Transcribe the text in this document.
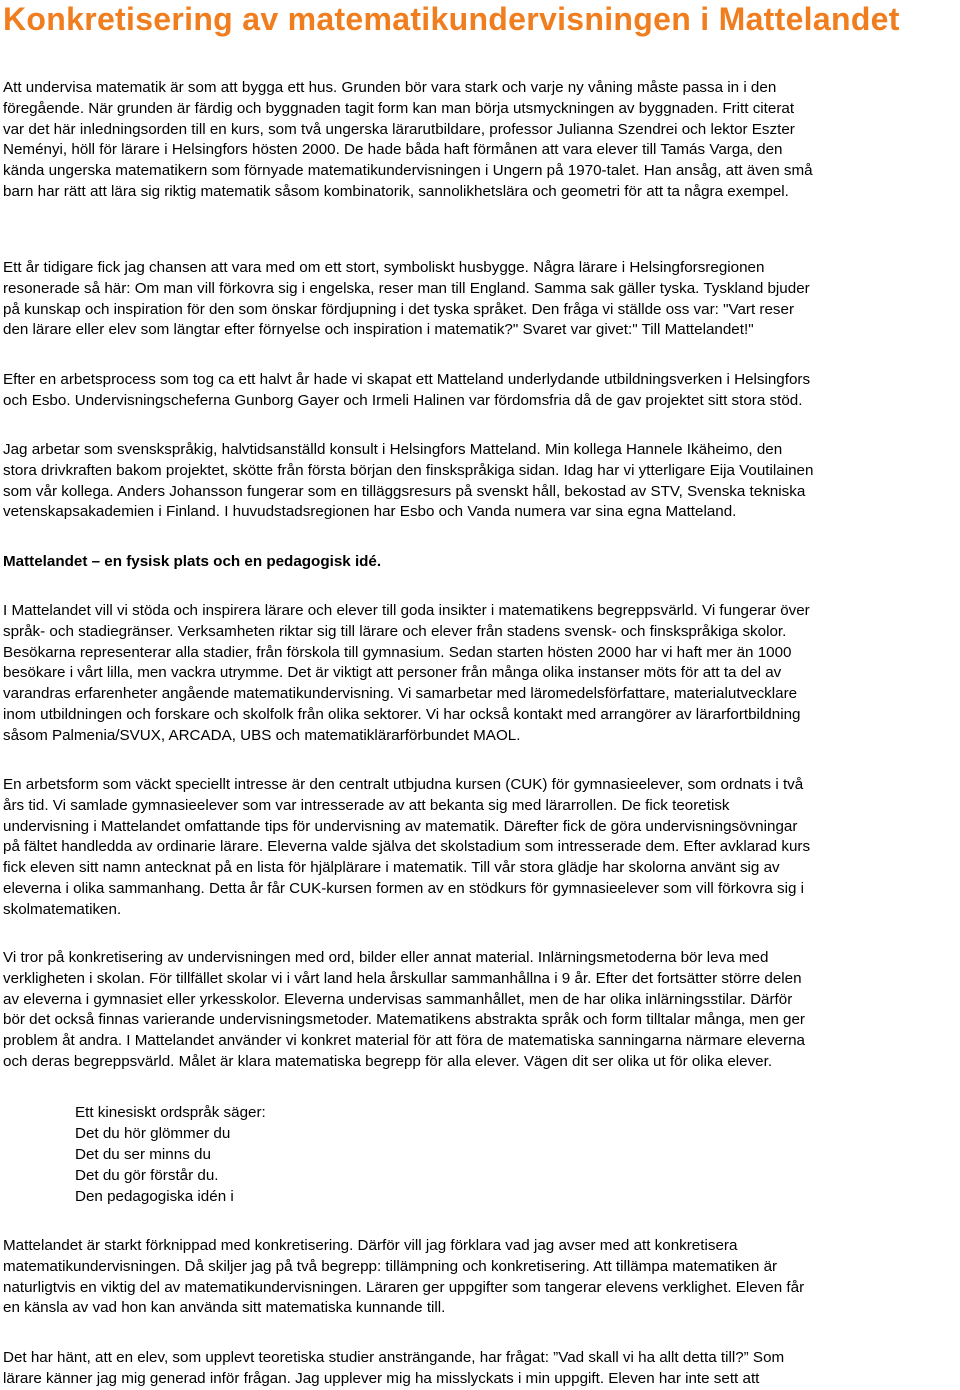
Konkretisering av matematikundervisningen i Mattelandet

Att undervisa matematik är som att bygga ett hus. Grunden bör vara stark och varje ny våning måste passa in i den
föregående. När grunden är färdig och byggnaden tagit form kan man börja utsmyckningen av byggnaden. Fritt citerat
var det här inledningsorden till en kurs, som två ungerska lärarutbildare, professor Julianna Szendrei och lektor Eszter
Neményi, höll för lärare i Helsingfors hösten 2000. De hade båda haft förmånen att vara elever till Tamás Varga, den
kända ungerska matematikern som förnyade matematikundervisningen i Ungern på 1970-talet. Han ansåg, att även små
barn har rätt att lära sig riktig matematik såsom kombinatorik, sannolikhetslära och geometri för att ta några exempel.

Ett år tidigare fick jag chansen att vara med om ett stort, symboliskt husbygge. Några lärare i Helsingforsregionen
resonerade så här: Om man vill förkovra sig i engelska, reser man till England. Samma sak gäller tyska. Tyskland bjuder
på kunskap och inspiration för den som önskar fördjupning i det tyska språket. Den fråga vi ställde oss var: "Vart reser
den lärare eller elev som längtar efter förnyelse och inspiration i matematik?" Svaret var givet:" Till Mattelandet!"

Efter en arbetsprocess som tog ca ett halvt år hade vi skapat ett Matteland underlydande utbildningsverken i Helsingfors
och Esbo. Undervisningscheferna Gunborg Gayer och Irmeli Halinen var fördomsfria då de gav projektet sitt stora stöd.

Jag arbetar som svenskspråkig, halvtidsanställd konsult i Helsingfors Matteland. Min kollega Hannele Ikäheimo, den
stora drivkraften bakom projektet, skötte från första början den finskspråkiga sidan. Idag har vi ytterligare Eija Voutilainen
som vår kollega. Anders Johansson fungerar som en tilläggsresurs på svenskt håll, bekostad av STV, Svenska tekniska
vetenskapsakademien i Finland. I huvudstadsregionen har Esbo och Vanda numera var sina egna Matteland.

Mattelandet – en fysisk plats och en pedagogisk idé.

I Mattelandet vill vi stöda och inspirera lärare och elever till goda insikter i matematikens begreppsvärld. Vi fungerar över
språk- och stadiegränser. Verksamheten riktar sig till lärare och elever från stadens svensk- och finskspråkiga skolor.
Besökarna representerar alla stadier, från förskola till gymnasium. Sedan starten hösten 2000 har vi haft mer än 1000
besökare i vårt lilla, men vackra utrymme. Det är viktigt att personer från många olika instanser möts för att ta del av
varandras erfarenheter angående matematikundervisning. Vi samarbetar med läromedelsförfattare, materialutvecklare
inom utbildningen och forskare och skolfolk från olika sektorer. Vi har också kontakt med arrangörer av lärarfortbildning
såsom Palmenia/SVUX, ARCADA, UBS och matematiklärarförbundet MAOL.

En arbetsform som väckt speciellt intresse är den centralt utbjudna kursen (CUK) för gymnasieelever, som ordnats i två
års tid. Vi samlade gymnasieelever som var intresserade av att bekanta sig med lärarrollen. De fick teoretisk
undervisning i Mattelandet omfattande tips för undervisning av matematik. Därefter fick de göra undervisningsövningar
på fältet handledda av ordinarie lärare. Eleverna valde själva det skolstadium som intresserade dem. Efter avklarad kurs
fick eleven sitt namn antecknat på en lista för hjälplärare i matematik. Till vår stora glädje har skolorna använt sig av
eleverna i olika sammanhang. Detta år får CUK-kursen formen av en stödkurs för gymnasieelever som vill förkovra sig i
skolmatematiken.

Vi tror på konkretisering av undervisningen med ord, bilder eller annat material. Inlärningsmetoderna bör leva med
verkligheten i skolan. För tillfället skolar vi i vårt land hela årskullar sammanhållna i 9 år. Efter det fortsätter större delen
av eleverna i gymnasiet eller yrkesskolor. Eleverna undervisas sammanhållet, men de har olika inlärningsstilar. Därför
bör det också finnas varierande undervisningsmetoder. Matematikens abstrakta språk och form tilltalar många, men ger
problem åt andra. I Mattelandet använder vi konkret material för att föra de matematiska sanningarna närmare eleverna
och deras begreppsvärld. Målet är klara matematiska begrepp för alla elever. Vägen dit ser olika ut för olika elever.

Ett kinesiskt ordspråk säger:
Det du hör glömmer du
Det du ser minns du
Det du gör förstår du.
Den pedagogiska idén i

Mattelandet är starkt förknippad med konkretisering. Därför vill jag förklara vad jag avser med att konkretisera
matematikundervisningen. Då skiljer jag på två begrepp: tillämpning och konkretisering. Att tillämpa matematiken är
naturligtvis en viktig del av matematikundervisningen. Läraren ger uppgifter som tangerar elevens verklighet. Eleven får
en känsla av vad hon kan använda sitt matematiska kunnande till.

Det har hänt, att en elev, som upplevt teoretiska studier ansträngande, har frågat: ”Vad skall vi ha allt detta till?” Som
lärare känner jag mig generad inför frågan. Jag upplever mig ha misslyckats i min uppgift. Eleven har inte sett att
